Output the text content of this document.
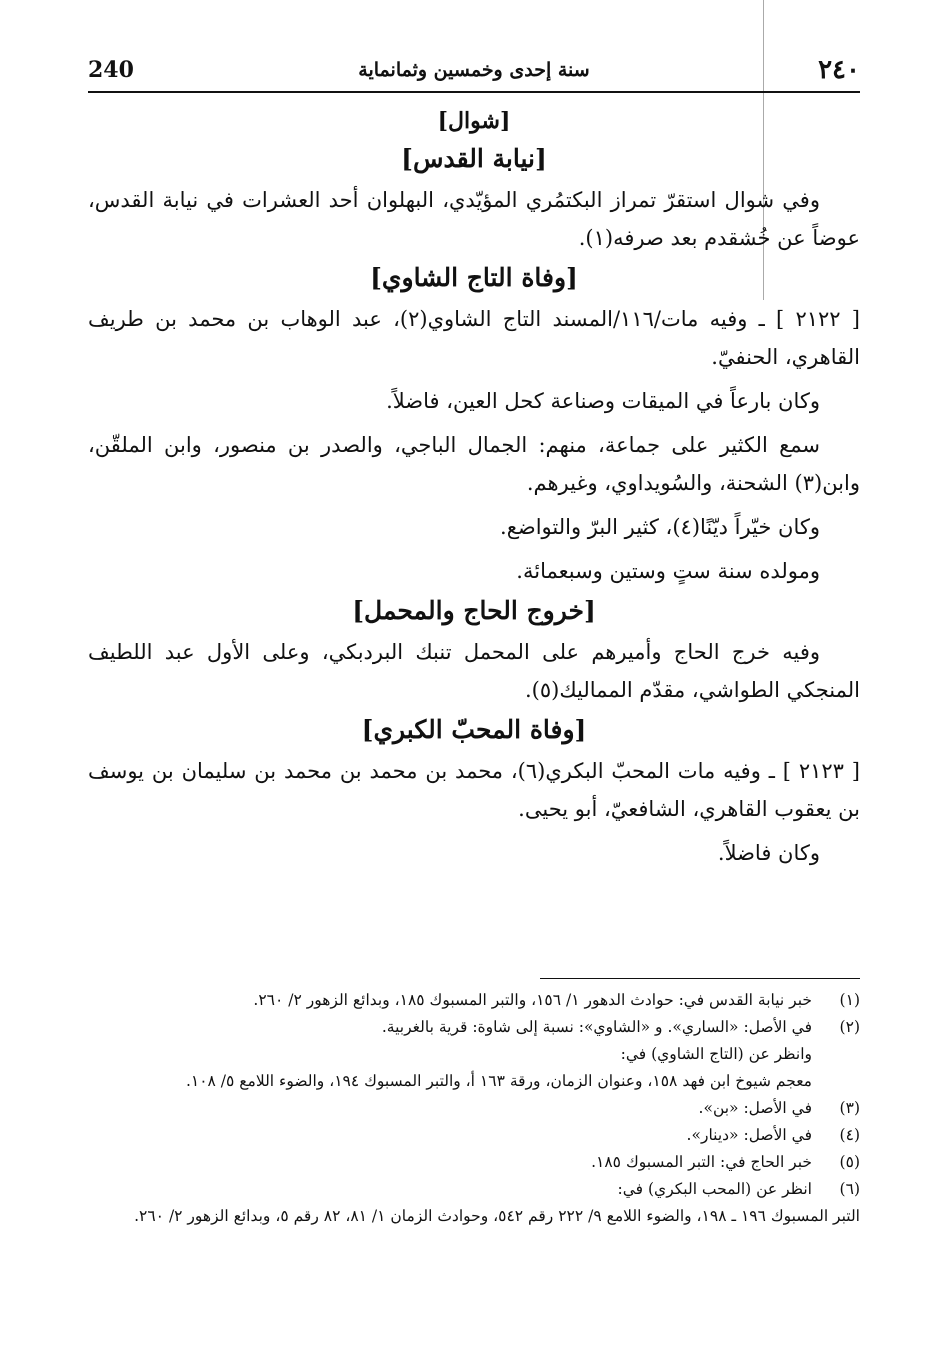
٢٤٠
سنة إحدى وخمسين وثمانماية
240
[شوال]
[نيابة القدس]

وفي شوال استقرّ تمراز البكتمُري المؤيّدي، البهلوان أحد العشرات في نيابة القدس، عوضاً عن خُشقدم بعد صرفه(١).

[وفاة التاج الشاوي]

[ ٢١٢٢ ] ـ وفيه مات/١١٦/المسند التاج الشاوي(٢)، عبد الوهاب بن محمد بن طريف القاهري، الحنفيّ.

وكان بارعاً في الميقات وصناعة كحل العين، فاضلاً.

سمع الكثير على جماعة، منهم: الجمال الباجي، والصدر بن منصور، وابن الملقّن، وابن(٣) الشحنة، والسُويداوي، وغيرهم.

وكان خيّراً ديّنًا(٤)، كثير البرّ والتواضع.

ومولده سنة ستٍ وستين وسبعمائة.

[خروج الحاج والمحمل]

وفيه خرج الحاج وأميرهم على المحمل تنبك البردبكي، وعلى الأول عبد اللطيف المنجكي الطواشي، مقدّم المماليك(٥).

[وفاة المحبّ الكبري]

[ ٢١٢٣ ] ـ وفيه مات المحبّ البكري(٦)، محمد بن محمد بن محمد بن سليمان بن يوسف بن يعقوب القاهري، الشافعيّ، أبو يحيى.

وكان فاضلاً.

(١)
خبر نيابة القدس في: حوادث الدهور ١/ ١٥٦، والتبر المسبوك ١٨٥، وبدائع الزهور ٢/ ٢٦٠.
(٢)
في الأصل: «الساري». و «الشاوي»: نسبة إلى شاوة: قرية بالغربية.
وانظر عن (التاج الشاوي) في:
معجم شيوخ ابن فهد ١٥٨، وعنوان الزمان، ورقة ١٦٣ أ، والتبر المسبوك ١٩٤، والضوء اللامع ٥/ ١٠٨.
(٣)
في الأصل: «بن».
(٤)
في الأصل: «دينار».
(٥)
خبر الحاج في: التبر المسبوك ١٨٥.
(٦)
انظر عن (المحب البكري) في:
التبر المسبوك ١٩٦ ـ ١٩٨، والضوء اللامع ٩/ ٢٢٢ رقم ٥٤٢، وحوادث الزمان ١/ ٨١، ٨٢ رقم ٥، وبدائع الزهور ٢/ ٢٦٠.
